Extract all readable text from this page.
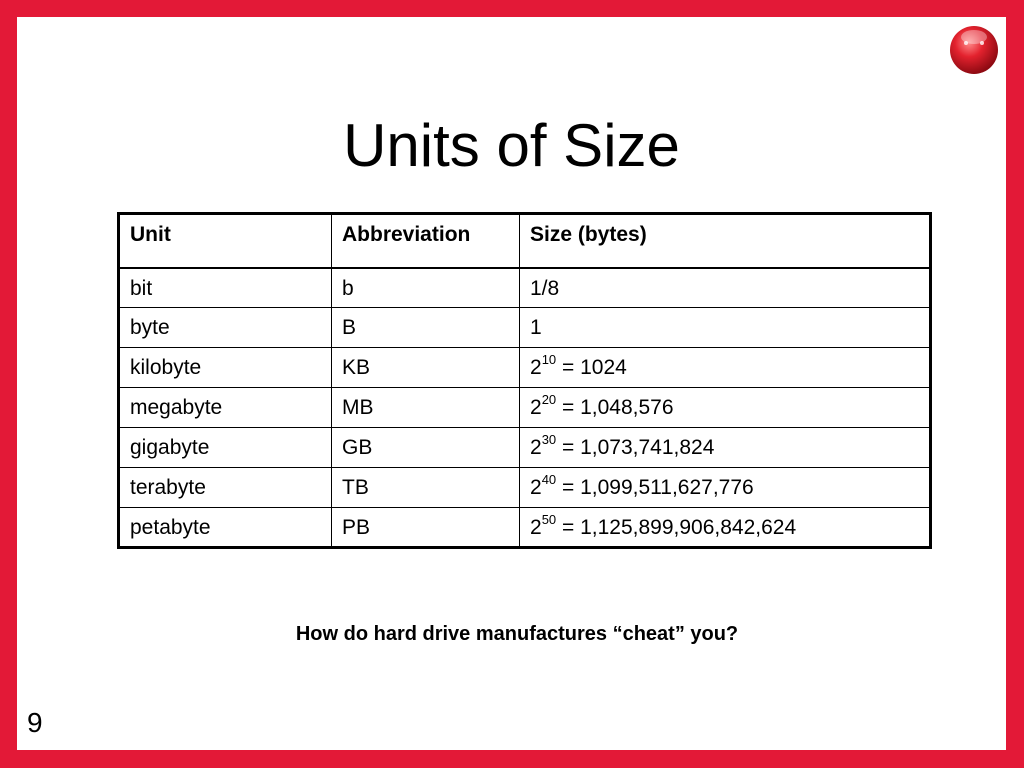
Units of Size
Unit	Abbreviation	Size (bytes)
bit	b	1/8
byte	B	1
kilobyte	KB	$2^{10} = 1024$
megabyte	MB	$2^{20} = 1,048,576$
gigabyte	GB	$2^{30} = 1,073,741,824$
terabyte	TB	$2^{40} = 1,099,511,627,776$
petabyte	PB	$2^{50} = 1,125,899,906,842,624$
How do hard drive manufactures “cheat” you?
9
